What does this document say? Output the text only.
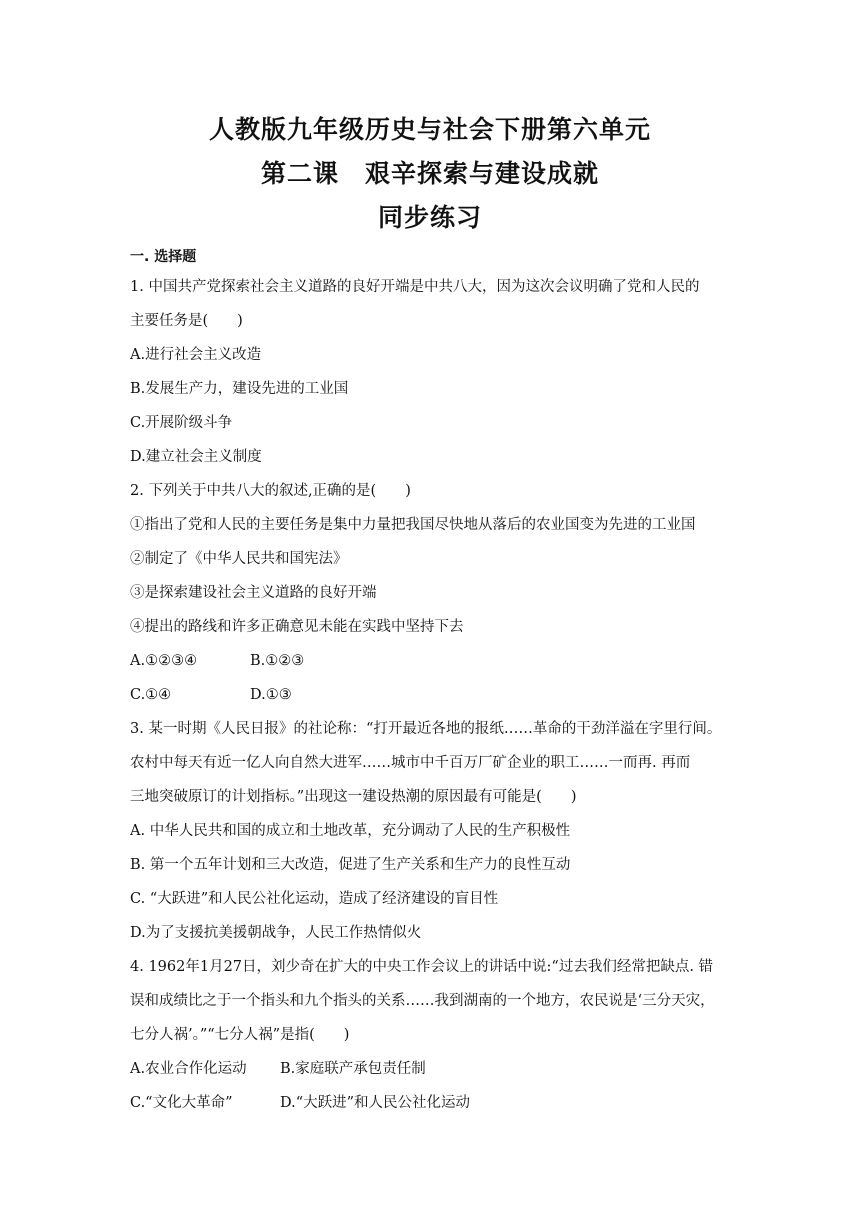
人教版九年级历史与社会下册第六单元
第二课　艰辛探索与建设成就
同步练习
一. 选择题
1. 中国共产党探索社会主义道路的良好开端是中共八大，因为这次会议明确了党和人民的
主要任务是(　　)
A.进行社会主义改造
B.发展生产力，建设先进的工业国
C.开展阶级斗争
D.建立社会主义制度
2. 下列关于中共八大的叙述,正确的是(　　)
①指出了党和人民的主要任务是集中力量把我国尽快地从落后的农业国变为先进的工业国
②制定了《中华人民共和国宪法》
③是探索建设社会主义道路的良好开端
④提出的路线和许多正确意见未能在实践中坚持下去
A.①②③④	B.①②③
C.①④	D.①③
3. 某一时期《人民日报》的社论称：“打开最近各地的报纸……革命的干劲洋溢在字里行间。
农村中每天有近一亿人向自然大进军……城市中千百万厂矿企业的职工……一而再. 再而
三地突破原订的计划指标。”出现这一建设热潮的原因最有可能是(　　)
A. 中华人民共和国的成立和土地改革，充分调动了人民的生产积极性
B. 第一个五年计划和三大改造，促进了生产关系和生产力的良性互动
C. “大跃进”和人民公社化运动，造成了经济建设的盲目性
D.为了支援抗美援朝战争，人民工作热情似火
4. 1962年1月27日，刘少奇在扩大的中央工作会议上的讲话中说:“过去我们经常把缺点. 错
误和成绩比之于一个指头和九个指头的关系……我到湖南的一个地方，农民说是‘三分天灾，
七分人祸’。”“七分人祸”是指(　　)
A.农业合作化运动	B.家庭联产承包责任制
C.“文化大革命”	D.“大跃进”和人民公社化运动
